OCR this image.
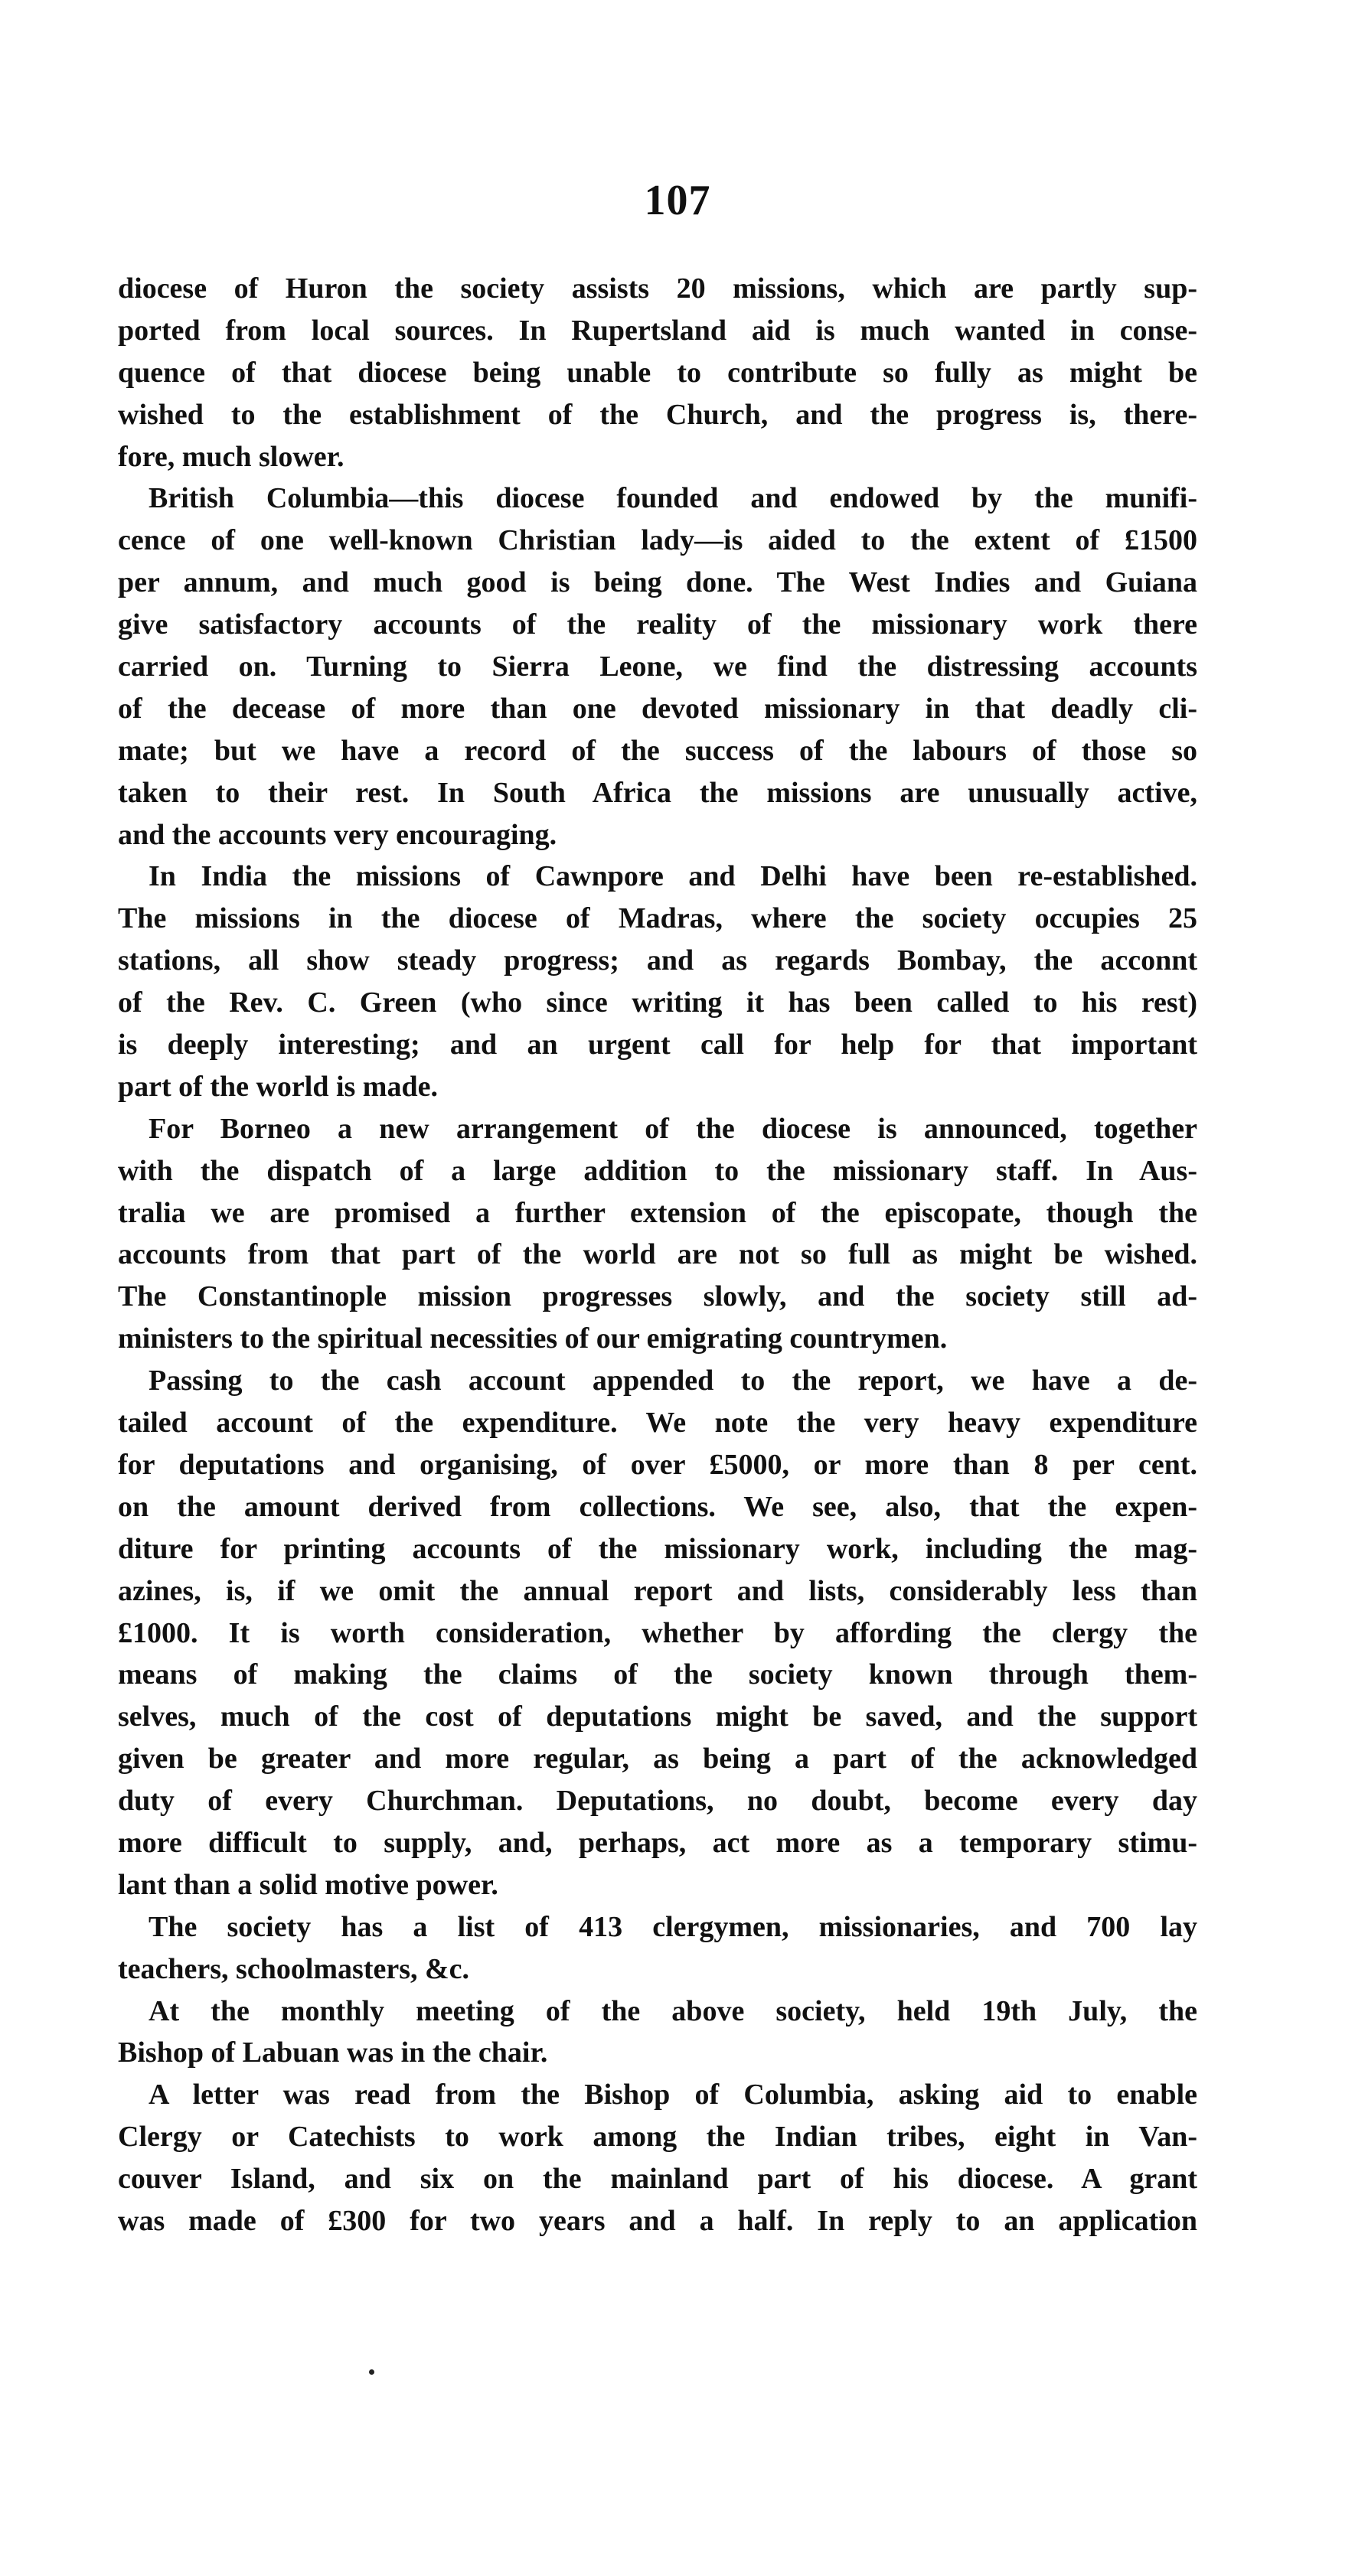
107
diocese of Huron the society assists 20 missions, which are partly sup-
ported from local sources. In Rupertsland aid is much wanted in conse-
quence of that diocese being unable to contribute so fully as might be
wished to the establishment of the Church, and the progress is, there-
fore, much slower.
British Columbia—this diocese founded and endowed by the munifi-
cence of one well-known Christian lady—is aided to the extent of £1500
per annum, and much good is being done. The West Indies and Guiana
give satisfactory accounts of the reality of the missionary work there
carried on. Turning to Sierra Leone, we find the distressing accounts
of the decease of more than one devoted missionary in that deadly cli-
mate; but we have a record of the success of the labours of those so
taken to their rest. In South Africa the missions are unusually active,
and the accounts very encouraging.
In India the missions of Cawnpore and Delhi have been re-established.
The missions in the diocese of Madras, where the society occupies 25
stations, all show steady progress; and as regards Bombay, the acconnt
of the Rev. C. Green (who since writing it has been called to his rest)
is deeply interesting; and an urgent call for help for that important
part of the world is made.
For Borneo a new arrangement of the diocese is announced, together
with the dispatch of a large addition to the missionary staff. In Aus-
tralia we are promised a further extension of the episcopate, though the
accounts from that part of the world are not so full as might be wished.
The Constantinople mission progresses slowly, and the society still ad-
ministers to the spiritual necessities of our emigrating countrymen.
Passing to the cash account appended to the report, we have a de-
tailed account of the expenditure. We note the very heavy expenditure
for deputations and organising, of over £5000, or more than 8 per cent.
on the amount derived from collections. We see, also, that the expen-
diture for printing accounts of the missionary work, including the mag-
azines, is, if we omit the annual report and lists, considerably less than
£1000. It is worth consideration, whether by affording the clergy the
means of making the claims of the society known through them-
selves, much of the cost of deputations might be saved, and the support
given be greater and more regular, as being a part of the acknowledged
duty of every Churchman. Deputations, no doubt, become every day
more difficult to supply, and, perhaps, act more as a temporary stimu-
lant than a solid motive power.
The society has a list of 413 clergymen, missionaries, and 700 lay
teachers, schoolmasters, &c.
At the monthly meeting of the above society, held 19th July, the
Bishop of Labuan was in the chair.
A letter was read from the Bishop of Columbia, asking aid to enable
Clergy or Catechists to work among the Indian tribes, eight in Van-
couver Island, and six on the mainland part of his diocese. A grant
was made of £300 for two years and a half. In reply to an application
